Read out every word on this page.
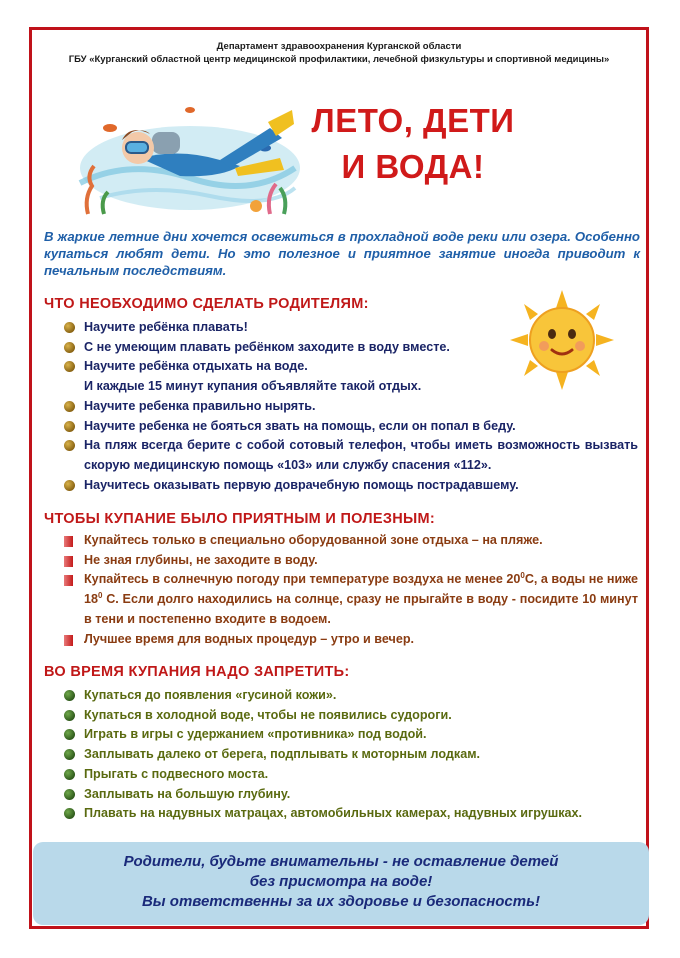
Департамент здравоохранения Курганской области
ГБУ «Курганский областной центр медицинской профилактики, лечебной физкультуры и спортивной медицины»
ЛЕТО, ДЕТИ
И ВОДА!
В жаркие летние дни хочется освежиться в прохладной воде реки или озера. Особенно купаться любят дети. Но это полезное и приятное занятие иногда приводит к печальным последствиям.
ЧТО НЕОБХОДИМО СДЕЛАТЬ РОДИТЕЛЯМ:
Научите ребёнка плавать!
С не умеющим плавать ребёнком заходите в воду вместе.
Научите ребёнка отдыхать на воде.
И каждые 15 минут купания объявляйте такой отдых.
Научите ребенка правильно нырять.
Научите ребенка не бояться звать на помощь, если он попал в беду.
На пляж всегда берите с собой сотовый телефон, чтобы иметь возможность вызвать скорую медицинскую помощь «103» или службу спасения «112».
Научитесь оказывать первую доврачебную помощь пострадавшему.
ЧТОБЫ КУПАНИЕ БЫЛО ПРИЯТНЫМ И ПОЛЕЗНЫМ:
Купайтесь только в специально оборудованной зоне отдыха – на пляже.
Не зная глубины, не заходите в воду.
Купайтесь в солнечную погоду при температуре воздуха не менее $20^0С$, а воды не ниже $18^0$ С. Если долго находились на солнце, сразу не прыгайте в воду - посидите 10 минут в тени и постепенно входите в водоем.
Лучшее время для водных процедур – утро и вечер.
ВО ВРЕМЯ КУПАНИЯ НАДО ЗАПРЕТИТЬ:
Купаться до появления «гусиной кожи».
Купаться в холодной воде, чтобы не появились судороги.
Играть в игры с удержанием «противника» под водой.
Заплывать далеко от берега, подплывать к моторным лодкам.
Прыгать с подвесного моста.
Заплывать на большую глубину.
Плавать на надувных матрацах, автомобильных камерах, надувных игрушках.
Родители, будьте внимательны - не оставление детей
без присмотра на воде!
Вы ответственны за их здоровье и безопасность!
